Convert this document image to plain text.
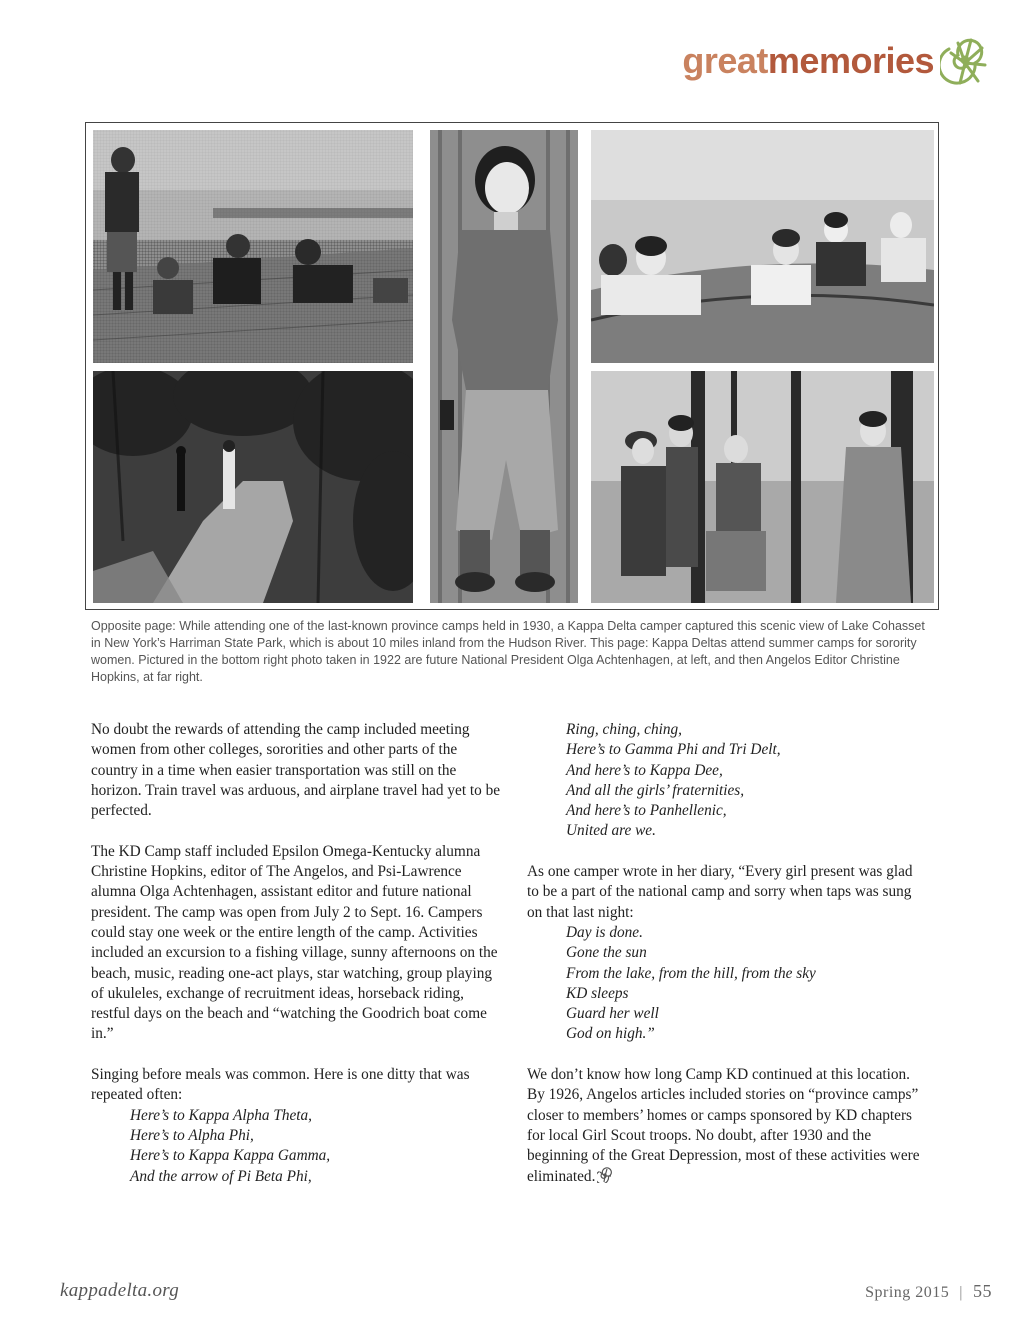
greatmemories
Opposite page: While attending one of the last-known province camps held in 1930, a Kappa Delta camper captured this scenic view of Lake Cohasset in New York’s Harriman State Park, which is about 10 miles inland from the Hudson River. This page: Kappa Deltas attend summer camps for sorority women. Pictured in the bottom right photo taken in 1922 are future National President Olga Achtenhagen, at left, and then Angelos Editor Christine Hopkins, at far right.

No doubt the rewards of attending the camp included meeting women from other colleges, sororities and other parts of the country in a time when easier transportation was still on the horizon. Train travel was arduous, and airplane travel had yet to be perfected.

The KD Camp staff included Epsilon Omega-Kentucky alumna Christine Hopkins, editor of The Angelos, and Psi-Lawrence alumna Olga Achtenhagen, assistant editor and future national president. The camp was open from July 2 to Sept. 16. Campers could stay one week or the entire length of the camp. Activities included an excursion to a fishing village, sunny afternoons on the beach, music, reading one-act plays, star watching, group playing of ukuleles, exchange of recruitment ideas, horseback riding, restful days on the beach and “watching the Goodrich boat come in.”

Singing before meals was common. Here is one ditty that was repeated often:
Here’s to Kappa Alpha Theta,
Here’s to Alpha Phi,
Here’s to Kappa Kappa Gamma,
And the arrow of Pi Beta Phi,
Ring, ching, ching,
Here’s to Gamma Phi and Tri Delt,
And here’s to Kappa Dee,
And all the girls’ fraternities,
And here’s to Panhellenic,
United are we.
As one camper wrote in her diary, “Every girl present was glad to be a part of the national camp and sorry when taps was sung on that last night:
Day is done.
Gone the sun
From the lake, from the hill, from the sky
KD sleeps
Guard her well
God on high.”
We don’t know how long Camp KD continued at this location. By 1926, Angelos articles included stories on “province camps” closer to members’ homes or camps sponsored by KD chapters for local Girl Scout troops. No doubt, after 1930 and the beginning of the Great Depression, most of these activities were eliminated.
kappadelta.org	Spring 2015 | 55
